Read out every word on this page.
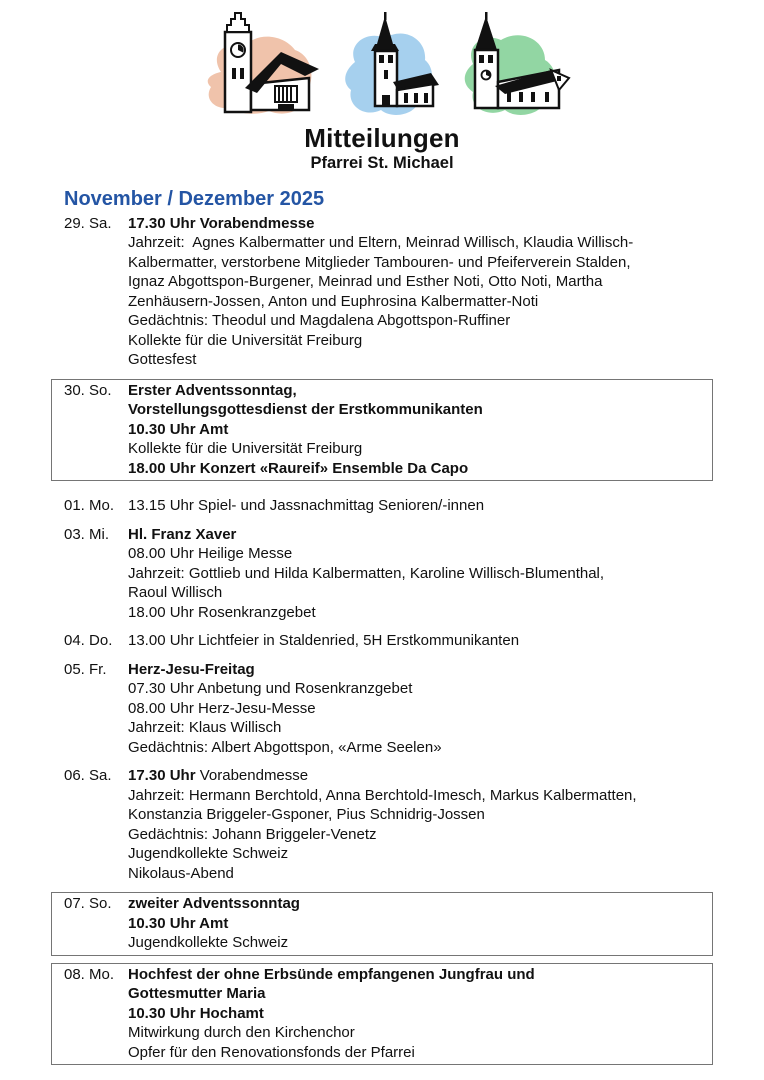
Mitteilungen
Pfarrei St. Michael
November / Dezember 2025
29. Sa.	17.30 Uhr Vorabendmesse
Jahrzeit:  Agnes Kalbermatter und Eltern, Meinrad Willisch, Klaudia Willisch-
Kalbermatter, verstorbene Mitglieder Tambouren- und Pfeiferverein Stalden,
Ignaz Abgottspon-Burgener, Meinrad und Esther Noti, Otto Noti, Martha
Zenhäusern-Jossen, Anton und Euphrosina Kalbermatter-Noti
Gedächtnis: Theodul und Magdalena Abgottspon-Ruffiner
Kollekte für die Universität Freiburg
Gottesfest
30. So.	Erster Adventssonntag,
Vorstellungsgottesdienst der Erstkommunikanten
10.30 Uhr Amt
Kollekte für die Universität Freiburg
18.00 Uhr Konzert «Raureif» Ensemble Da Capo
01. Mo. 13.15 Uhr Spiel- und Jassnachmittag Senioren/-innen
03. Mi.	Hl. Franz Xaver
08.00 Uhr Heilige Messe
Jahrzeit: Gottlieb und Hilda Kalbermatten, Karoline Willisch-Blumenthal,
Raoul Willisch
18.00 Uhr Rosenkranzgebet
04. Do.	13.00 Uhr Lichtfeier in Staldenried, 5H Erstkommunikanten
05. Fr.	Herz-Jesu-Freitag
07.30 Uhr Anbetung und Rosenkranzgebet
08.00 Uhr Herz-Jesu-Messe
Jahrzeit: Klaus Willisch
Gedächtnis: Albert Abgottspon, «Arme Seelen»
06. Sa.	17.30 Uhr Vorabendmesse
Jahrzeit: Hermann Berchtold, Anna Berchtold-Imesch, Markus Kalbermatten,
Konstanzia Briggeler-Gsponer, Pius Schnidrig-Jossen
Gedächtnis: Johann Briggeler-Venetz
Jugendkollekte Schweiz
Nikolaus-Abend
07. So.	zweiter Adventssonntag
10.30 Uhr Amt
Jugendkollekte Schweiz
08. Mo. Hochfest der ohne Erbsünde empfangenen Jungfrau und
Gottesmutter Maria
10.30 Uhr Hochamt
Mitwirkung durch den Kirchenchor
Opfer für den Renovationsfonds der Pfarrei
